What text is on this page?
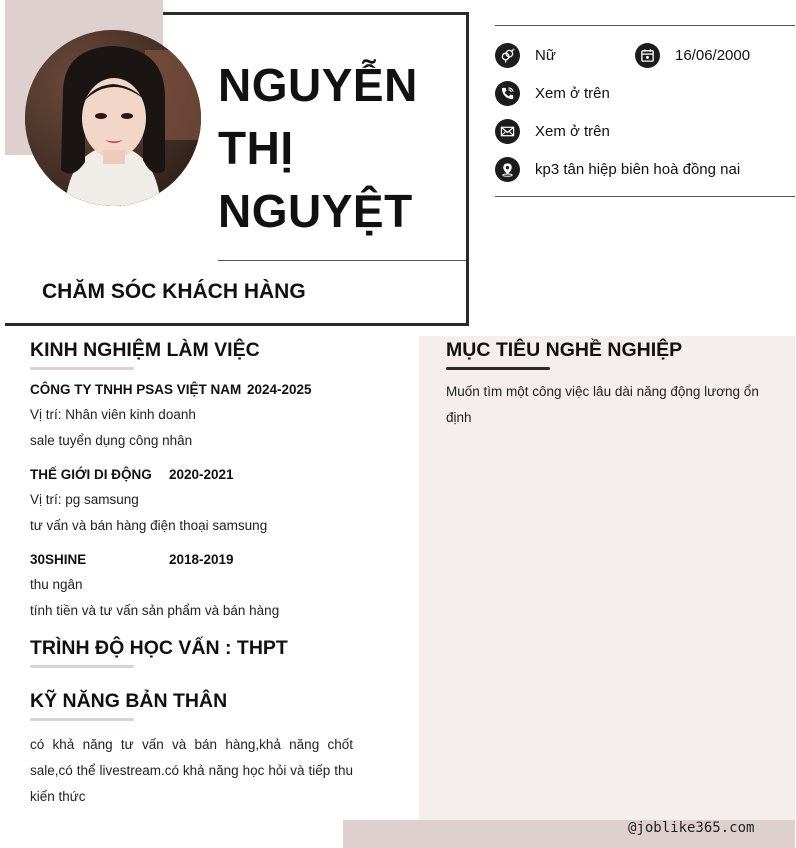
NGUYỄN
THỊ
NGUYỆT
CHĂM SÓC KHÁCH HÀNG
Nữ	16/06/2000
Xem ở trên
Xem ở trên
kp3 tân hiệp biên hoà đồng nai
KINH NGHIỆM LÀM VIỆC
CÔNG TY TNHH PSAS VIỆT NAM 2024-2025
Vị trí: Nhân viên kinh doanh
sale tuyển dụng công nhân
THẾ GIỚI DI ĐỘNG 2020-2021
Vị trí: pg samsung
tư vấn và bán hàng điện thoại samsung
30SHINE	2018-2019
thu ngân
tính tiền và tư vấn sản phẩm và bán hàng
TRÌNH ĐỘ HỌC VẤN : THPT
KỸ NĂNG BẢN THÂN
có khả năng tư vấn và bán hàng,khả năng chốt sale,có thể livestream.có khả năng học hỏi và tiếp thu kiến thức
MỤC TIÊU NGHỀ NGHIỆP
Muốn tìm một công việc lâu dài năng động lương ổn định
@joblike365.com
